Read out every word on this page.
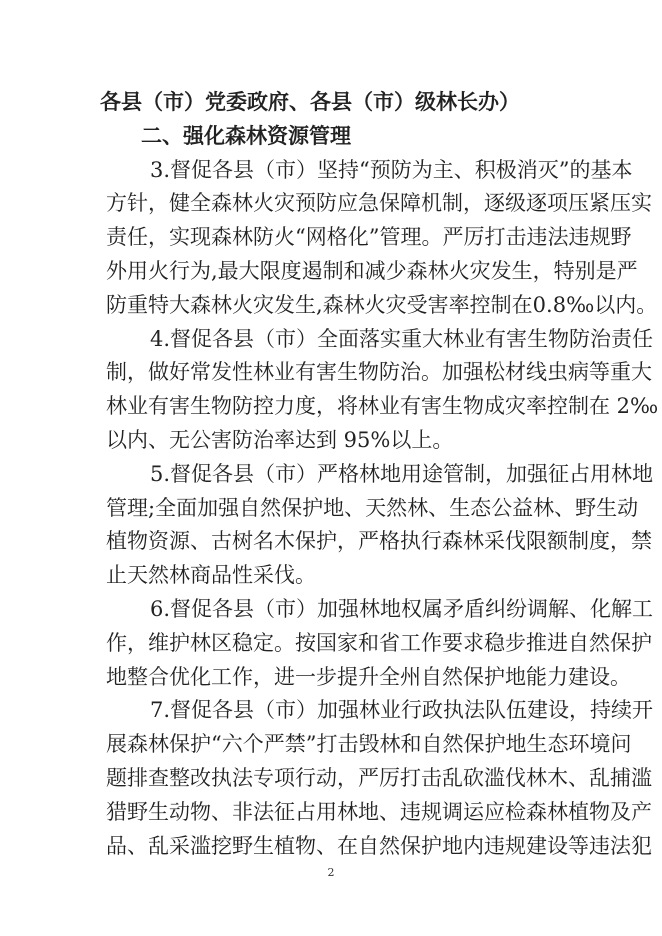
各县（市）党委政府、各县（市）级林长办）
二、强化森林资源管理
3.督促各县（市）坚持“预防为主、积极消灭”的基本
方针，健全森林火灾预防应急保障机制，逐级逐项压紧压实
责任，实现森林防火“网格化”管理。严厉打击违法违规野
外用火行为,最大限度遏制和减少森林火灾发生，特别是严
防重特大森林火灾发生,森林火灾受害率控制在0.8‰以内。
4.督促各县（市）全面落实重大林业有害生物防治责任
制，做好常发性林业有害生物防治。加强松材线虫病等重大
林业有害生物防控力度，将林业有害生物成灾率控制在 2‰
以内、无公害防治率达到 95%以上。
5.督促各县（市）严格林地用途管制，加强征占用林地
管理;全面加强自然保护地、天然林、生态公益林、野生动
植物资源、古树名木保护，严格执行森林采伐限额制度，禁
止天然林商品性采伐。
6.督促各县（市）加强林地权属矛盾纠纷调解、化解工
作，维护林区稳定。按国家和省工作要求稳步推进自然保护
地整合优化工作，进一步提升全州自然保护地能力建设。
7.督促各县（市）加强林业行政执法队伍建设，持续开
展森林保护“六个严禁”打击毁林和自然保护地生态环境问
题排查整改执法专项行动，严厉打击乱砍滥伐林木、乱捕滥
猎野生动物、非法征占用林地、违规调运应检森林植物及产
品、乱采滥挖野生植物、在自然保护地内违规建设等违法犯
2
